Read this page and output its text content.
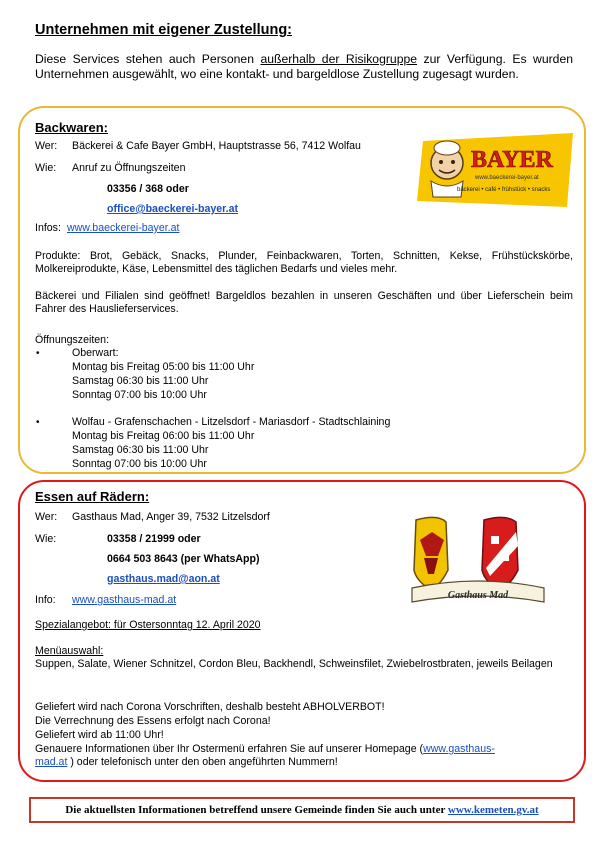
Unternehmen mit eigener Zustellung:
Diese Services stehen auch Personen außerhalb der Risikogruppe zur Verfügung. Es wurden Unternehmen ausgewählt, wo eine kontakt- und bargeldlose Zustellung zugesagt wurden.
Backwaren:
Wer: Bäckerei & Cafe Bayer GmbH, Hauptstrasse 56, 7412 Wolfau
Wie: Anruf zu Öffnungszeiten
03356 / 368 oder
office@baeckerei-bayer.at
Infos: www.baeckerei-bayer.at
BAYER
www.baeckerei-bayer.at
bäckerei • café • frühstück • snacks
Produkte: Brot, Gebäck, Snacks, Plunder, Feinbackwaren, Torten, Schnitten, Kekse, Frühstückskörbe, Molkereiprodukte, Käse, Lebensmittel des täglichen Bedarfs und vieles mehr.
Bäckerei und Filialen sind geöffnet! Bargeldlos bezahlen in unseren Geschäften und über Lieferschein beim Fahrer des Hauslieferservices.
Öffnungszeiten:
•	Oberwart:
Montag bis Freitag 05:00 bis 11:00 Uhr
Samstag 06:30 bis 11:00 Uhr
Sonntag 07:00 bis 10:00 Uhr
•	Wolfau - Grafenschachen - Litzelsdorf - Mariasdorf - Stadtschlaining
Montag bis Freitag 06:00 bis 11:00 Uhr
Samstag 06:30 bis 11:00 Uhr
Sonntag 07:00 bis 10:00 Uhr
Essen auf Rädern:
Wer: Gasthaus Mad, Anger 39, 7532 Litzelsdorf
Wie:	03358 / 21999 oder
0664 503 8643 (per WhatsApp)
gasthaus.mad@aon.at
Info: www.gasthaus-mad.at	Gasthaus Mad
Spezialangebot: für Ostersonntag 12. April 2020
Menüauswahl:
Suppen, Salate, Wiener Schnitzel, Cordon Bleu, Backhendl, Schweinsfilet, Zwiebelrostbraten, jeweils Beilagen
Geliefert wird nach Corona Vorschriften, deshalb besteht ABHOLVERBOT!
Die Verrechnung des Essens erfolgt nach Corona!
Geliefert wird ab 11:00 Uhr!
Genauere Informationen über Ihr Ostermenü erfahren Sie auf unserer Homepage (www.gasthaus-
mad.at ) oder telefonisch unter den oben angeführten Nummern!
Die aktuellsten Informationen betreffend unsere Gemeinde finden Sie auch unter www.kemeten.gv.at
